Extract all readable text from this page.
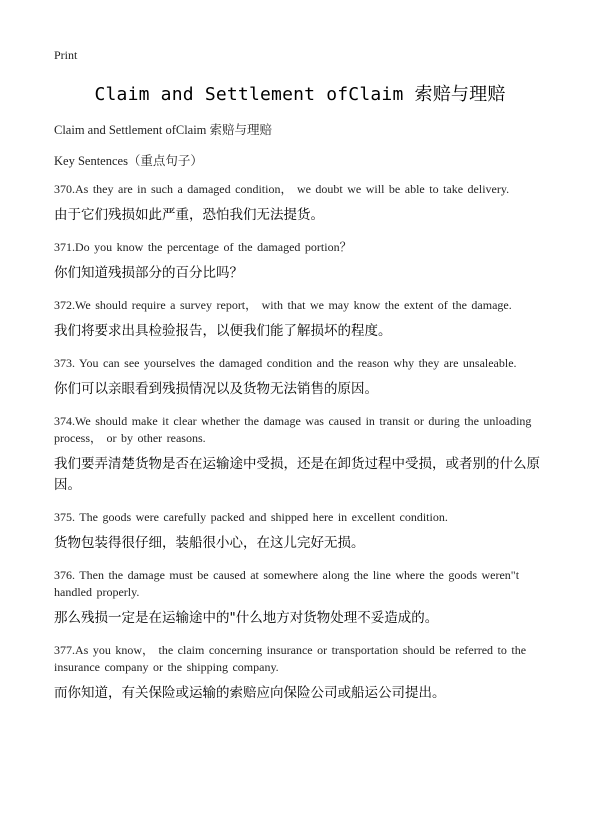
Print
Claim and Settlement ofClaim 索赔与理赔
Claim and Settlement ofClaim 索赔与理赔
Key Sentences（重点句子）

370.As they are in such a damaged condition， we doubt we will be able to take delivery.

由于它们残损如此严重，恐怕我们无法提货。

371.Do you know the percentage of the damaged portion？

你们知道残损部分的百分比吗？

372.We should require a survey report， with that we may know the extent of the damage.

我们将要求出具检验报告，以便我们能了解损坏的程度。

373. You can see yourselves the damaged condition and the reason why they are unsaleable.

你们可以亲眼看到残损情况以及货物无法销售的原因。

374.We should make it clear whether the damage was caused in transit or during the unloading process， or by other reasons.

我们要弄清楚货物是否在运输途中受损，还是在卸货过程中受损，或者别的什么原因。

375. The goods were carefully packed and shipped here in excellent condition.

货物包装得很仔细，装船很小心，在这儿完好无损。

376. Then the damage must be caused at somewhere along the line where the goods weren"t handled properly.

那么残损一定是在运输途中的"什么地方对货物处理不妥造成的。

377.As you know， the claim concerning insurance or transportation should be referred to the insurance company or the shipping company.

而你知道，有关保险或运输的索赔应向保险公司或船运公司提出。
